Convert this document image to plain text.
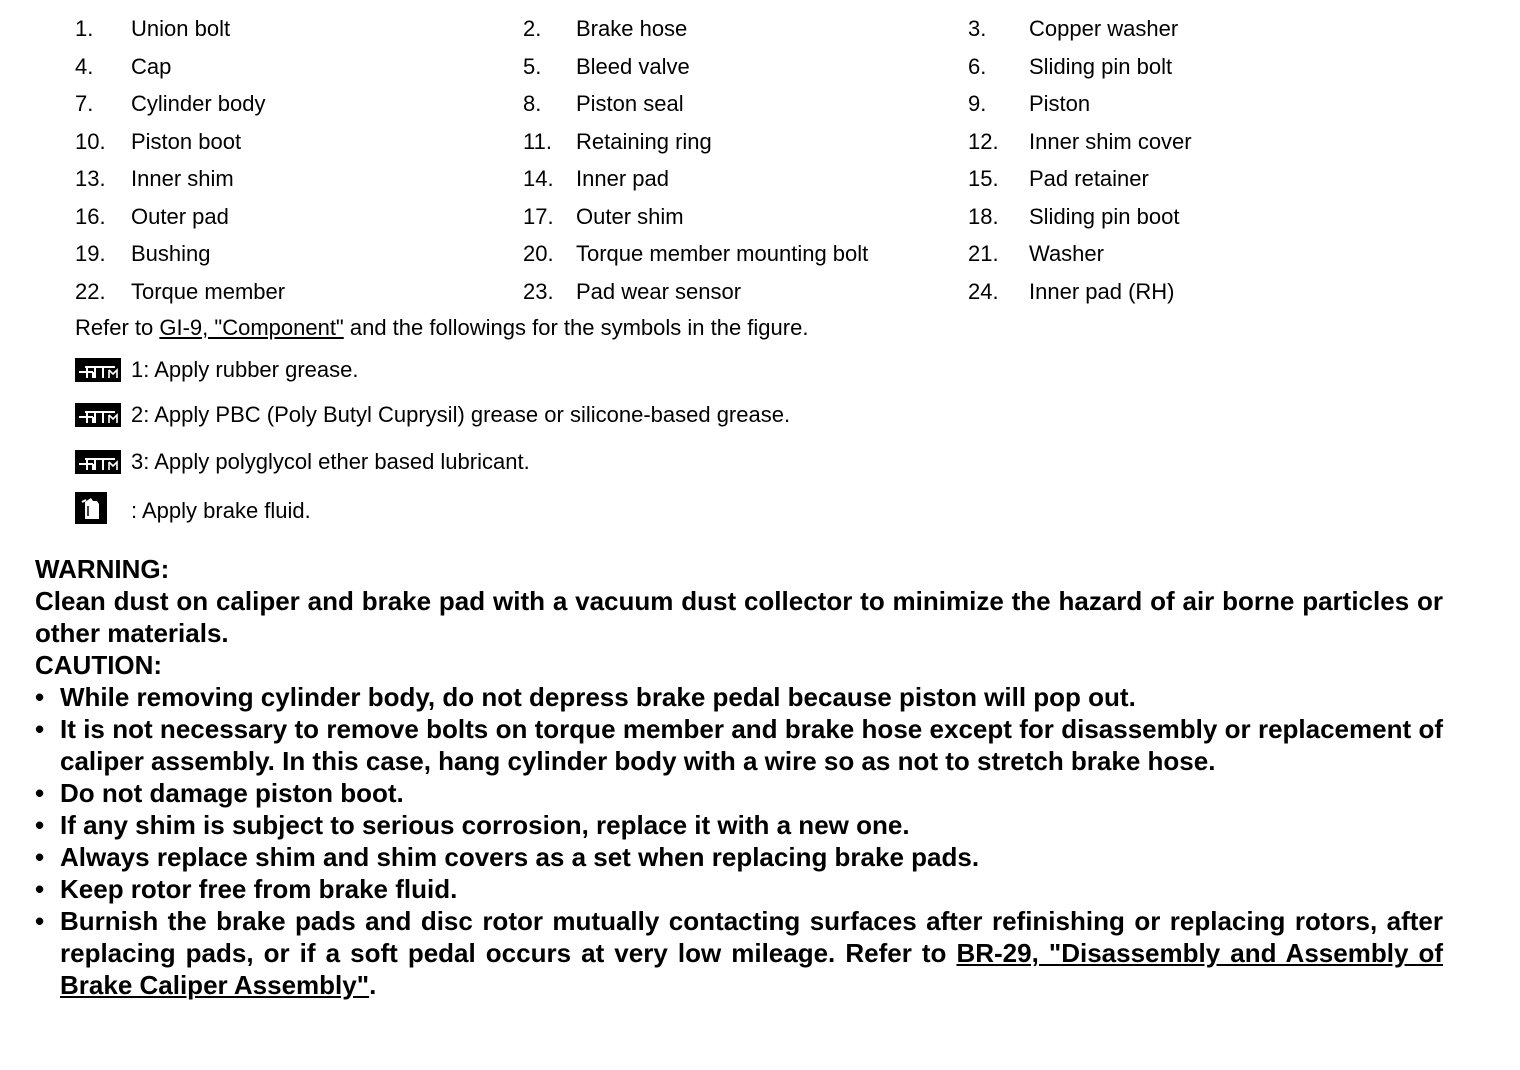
1. Union bolt	2. Brake hose	3. Copper washer
4. Cap	5. Bleed valve	6. Sliding pin bolt
7. Cylinder body	8. Piston seal	9. Piston
10. Piston boot	11. Retaining ring	12. Inner shim cover
13. Inner shim	14. Inner pad	15. Pad retainer
16. Outer pad	17. Outer shim	18. Sliding pin boot
19. Bushing	20. Torque member mounting bolt	21. Washer
22. Torque member	23. Pad wear sensor	24. Inner pad (RH)
Refer to GI-9, "Component" and the followings for the symbols in the figure.
1: Apply rubber grease.
2: Apply PBC (Poly Butyl Cuprysil) grease or silicone-based grease.
3: Apply polyglycol ether based lubricant.
: Apply brake fluid.

WARNING:

Clean dust on caliper and brake pad with a vacuum dust collector to minimize the hazard of air borne particles or other materials.

CAUTION:

• While removing cylinder body, do not depress brake pedal because piston will pop out.
• It is not necessary to remove bolts on torque member and brake hose except for disassembly or replacement of caliper assembly. In this case, hang cylinder body with a wire so as not to stretch brake hose.
• Do not damage piston boot.
• If any shim is subject to serious corrosion, replace it with a new one.
• Always replace shim and shim covers as a set when replacing brake pads.
• Keep rotor free from brake fluid.
• Burnish the brake pads and disc rotor mutually contacting surfaces after refinishing or replacing rotors, after replacing pads, or if a soft pedal occurs at very low mileage. Refer to BR-29, "Disassembly and Assembly of Brake Caliper Assembly".
